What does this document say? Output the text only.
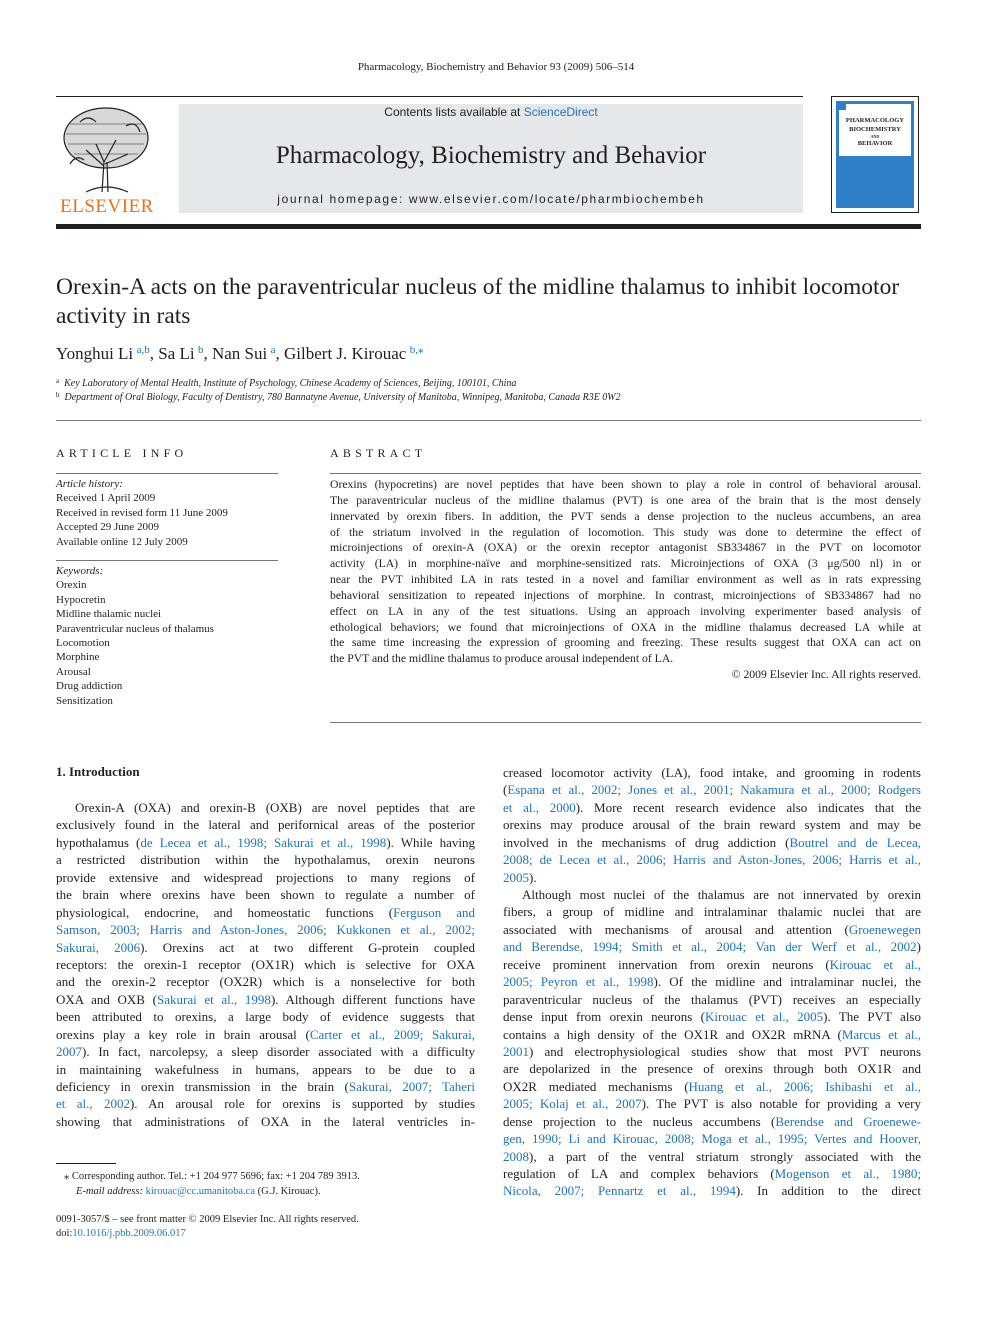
Pharmacology, Biochemistry and Behavior 93 (2009) 506–514
ELSEVIER
Contents lists available at ScienceDirect
Pharmacology, Biochemistry and Behavior
journal homepage: www.elsevier.com/locate/pharmbiochembeh
PHARMACOLOGY
BIOCHEMISTRY
AND
BEHAVIOR
Orexin-A acts on the paraventricular nucleus of the midline thalamus to inhibit locomotor activity in rats
Yonghui Li  $^{a,b}$, Sa Li  $^b$, Nan Sui  $^a$, Gilbert J. Kirouac  $^{b,⁎}$
$^a$  Key Laboratory of Mental Health, Institute of Psychology, Chinese Academy of Sciences, Beijing, 100101, China
$^b$  Department of Oral Biology, Faculty of Dentistry, 780 Bannatyne Avenue, University of Manitoba, Winnipeg, Manitoba, Canada R3E 0W2
ARTICLE INFO
Article history:
Received 1 April 2009
Received in revised form 11 June 2009
Accepted 29 June 2009
Available online 12 July 2009
Keywords:
Orexin
Hypocretin
Midline thalamic nuclei
Paraventricular nucleus of thalamus
Locomotion
Morphine
Arousal
Drug addiction
Sensitization
ABSTRACT
Orexins (hypocretins) are novel peptides that have been shown to play a role in control of behavioral arousal.
The paraventricular nucleus of the midline thalamus (PVT) is one area of the brain that is the most densely
innervated by orexin fibers. In addition, the PVT sends a dense projection to the nucleus accumbens, an area
of the striatum involved in the regulation of locomotion. This study was done to determine the effect of
microinjections of orexin-A (OXA) or the orexin receptor antagonist SB334867 in the PVT on locomotor
activity (LA) in morphine-naïve and morphine-sensitized rats. Microinjections of OXA (3 μg/500 nl) in or
near the PVT inhibited LA in rats tested in a novel and familiar environment as well as in rats expressing
behavioral sensitization to repeated injections of morphine. In contrast, microinjections of SB334867 had no
effect on LA in any of the test situations. Using an approach involving experimenter based analysis of
ethological behaviors; we found that microinjections of OXA in the midline thalamus decreased LA while at
the same time increasing the expression of grooming and freezing. These results suggest that OXA can act on
the PVT and the midline thalamus to produce arousal independent of LA.
© 2009 Elsevier Inc. All rights reserved.
1. Introduction
Orexin-A (OXA) and orexin-B (OXB) are novel peptides that are
exclusively found in the lateral and perifornical areas of the posterior
hypothalamus (de Lecea et al., 1998; Sakurai et al., 1998). While having
a restricted distribution within the hypothalamus, orexin neurons
provide extensive and widespread projections to many regions of
the brain where orexins have been shown to regulate a number of
physiological, endocrine, and homeostatic functions (Ferguson and
Samson, 2003; Harris and Aston-Jones, 2006; Kukkonen et al., 2002;
Sakurai, 2006). Orexins act at two different G-protein coupled
receptors: the orexin-1 receptor (OX1R) which is selective for OXA
and the orexin-2 receptor (OX2R) which is a nonselective for both
OXA and OXB (Sakurai et al., 1998). Although different functions have
been attributed to orexins, a large body of evidence suggests that
orexins play a key role in brain arousal (Carter et al., 2009; Sakurai,
2007). In fact, narcolepsy, a sleep disorder associated with a difficulty
in maintaining wakefulness in humans, appears to be due to a
deficiency in orexin transmission in the brain (Sakurai, 2007; Taheri
et al., 2002). An arousal role for orexins is supported by studies
showing that administrations of OXA in the lateral ventricles in-
creased locomotor activity (LA), food intake, and grooming in rodents
(Espana et al., 2002; Jones et al., 2001; Nakamura et al., 2000; Rodgers
et al., 2000). More recent research evidence also indicates that the
orexins may produce arousal of the brain reward system and may be
involved in the mechanisms of drug addiction (Boutrel and de Lecea,
2008; de Lecea et al., 2006; Harris and Aston-Jones, 2006; Harris et al.,
2005).
Although most nuclei of the thalamus are not innervated by orexin
fibers, a group of midline and intralaminar thalamic nuclei that are
associated with mechanisms of arousal and attention (Groenewegen
and Berendse, 1994; Smith et al., 2004; Van der Werf et al., 2002)
receive prominent innervation from orexin neurons (Kirouac et al.,
2005; Peyron et al., 1998). Of the midline and intralaminar nuclei, the
paraventricular nucleus of the thalamus (PVT) receives an especially
dense input from orexin neurons (Kirouac et al., 2005). The PVT also
contains a high density of the OX1R and OX2R mRNA (Marcus et al.,
2001) and electrophysiological studies show that most PVT neurons
are depolarized in the presence of orexins through both OX1R and
OX2R mediated mechanisms (Huang et al., 2006; Ishibashi et al.,
2005; Kolaj et al., 2007). The PVT is also notable for providing a very
dense projection to the nucleus accumbens (Berendse and Groenewe-
gen, 1990; Li and Kirouac, 2008; Moga et al., 1995; Vertes and Hoover,
2008), a part of the ventral striatum strongly associated with the
regulation of LA and complex behaviors (Mogenson et al., 1980;
Nicola, 2007; Pennartz et al., 1994). In addition to the direct
⁎ Corresponding author. Tel.: +1 204 977 5696; fax: +1 204 789 3913.
E-mail address: kirouac@cc.umanitoba.ca (G.J. Kirouac).
0091-3057/$ – see front matter © 2009 Elsevier Inc. All rights reserved.
doi:10.1016/j.pbb.2009.06.017
